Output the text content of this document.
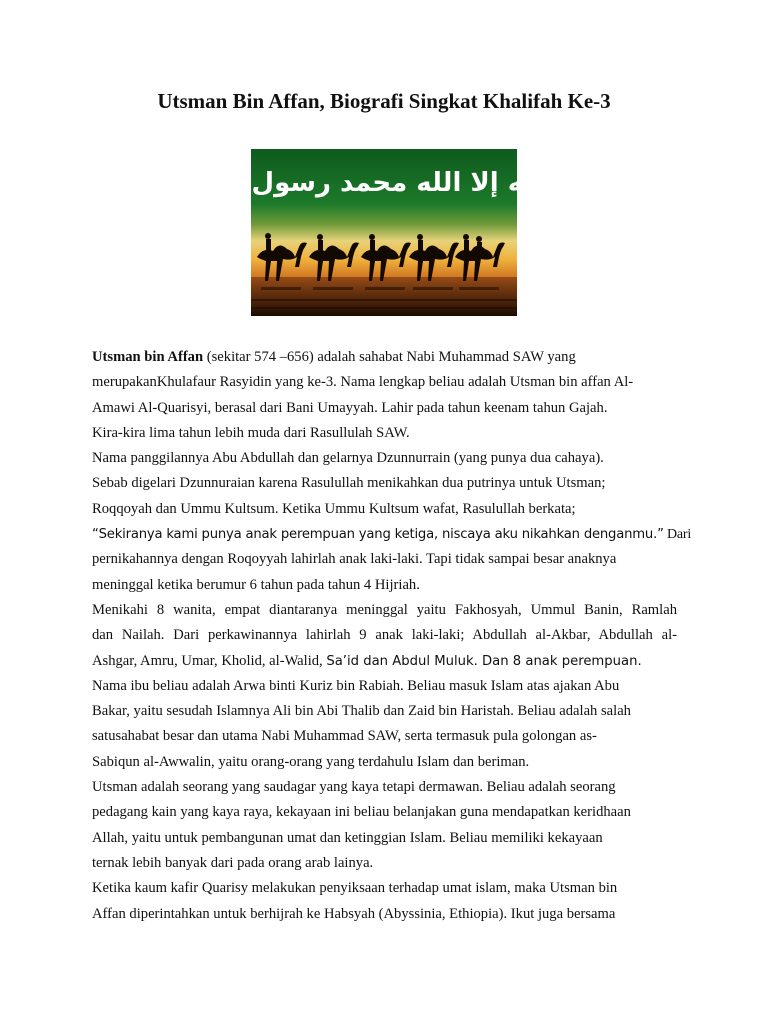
Utsman Bin Affan, Biografi Singkat Khalifah Ke-3
لا إله إلا الله محمد رسول الله
Utsman bin Affan (sekitar 574 –656) adalah sahabat Nabi Muhammad SAW yang
merupakanKhulafaur Rasyidin yang ke-3. Nama lengkap beliau adalah Utsman bin affan Al-
Amawi Al-Quarisyi, berasal dari Bani Umayyah. Lahir pada tahun keenam tahun Gajah.
Kira-kira lima tahun lebih muda dari Rasullulah SAW.
Nama panggilannya Abu Abdullah dan gelarnya Dzunnurrain (yang punya dua cahaya).
Sebab digelari Dzunnuraian karena Rasulullah menikahkan dua putrinya untuk Utsman;
Roqqoyah dan Ummu Kultsum. Ketika Ummu Kultsum wafat, Rasulullah berkata;
“Sekiranya kami punya anak perempuan yang ketiga, niscaya aku nikahkan denganmu.” Dari
pernikahannya dengan Roqoyyah lahirlah anak laki-laki. Tapi tidak sampai besar anaknya
meninggal ketika berumur 6 tahun pada tahun 4 Hijriah.
Menikahi 8 wanita, empat diantaranya meninggal yaitu Fakhosyah, Ummul Banin, Ramlah
dan Nailah. Dari perkawinannya lahirlah 9 anak laki-laki; Abdullah al-Akbar, Abdullah al-
Ashgar, Amru, Umar, Kholid, al-Walid, Sa’id dan Abdul Muluk. Dan 8 anak perempuan.
Nama ibu beliau adalah Arwa binti Kuriz bin Rabiah. Beliau masuk Islam atas ajakan Abu
Bakar, yaitu sesudah Islamnya Ali bin Abi Thalib dan Zaid bin Haristah. Beliau adalah salah
satusahabat besar dan utama Nabi Muhammad SAW, serta termasuk pula golongan as-
Sabiqun al-Awwalin, yaitu orang-orang yang terdahulu Islam dan beriman.
Utsman adalah seorang yang saudagar yang kaya tetapi dermawan. Beliau adalah seorang
pedagang kain yang kaya raya, kekayaan ini beliau belanjakan guna mendapatkan keridhaan
Allah, yaitu untuk pembangunan umat dan ketinggian Islam. Beliau memiliki kekayaan
ternak lebih banyak dari pada orang arab lainya.
Ketika kaum kafir Quarisy melakukan penyiksaan terhadap umat islam, maka Utsman bin
Affan diperintahkan untuk berhijrah ke Habsyah (Abyssinia, Ethiopia). Ikut juga bersama
